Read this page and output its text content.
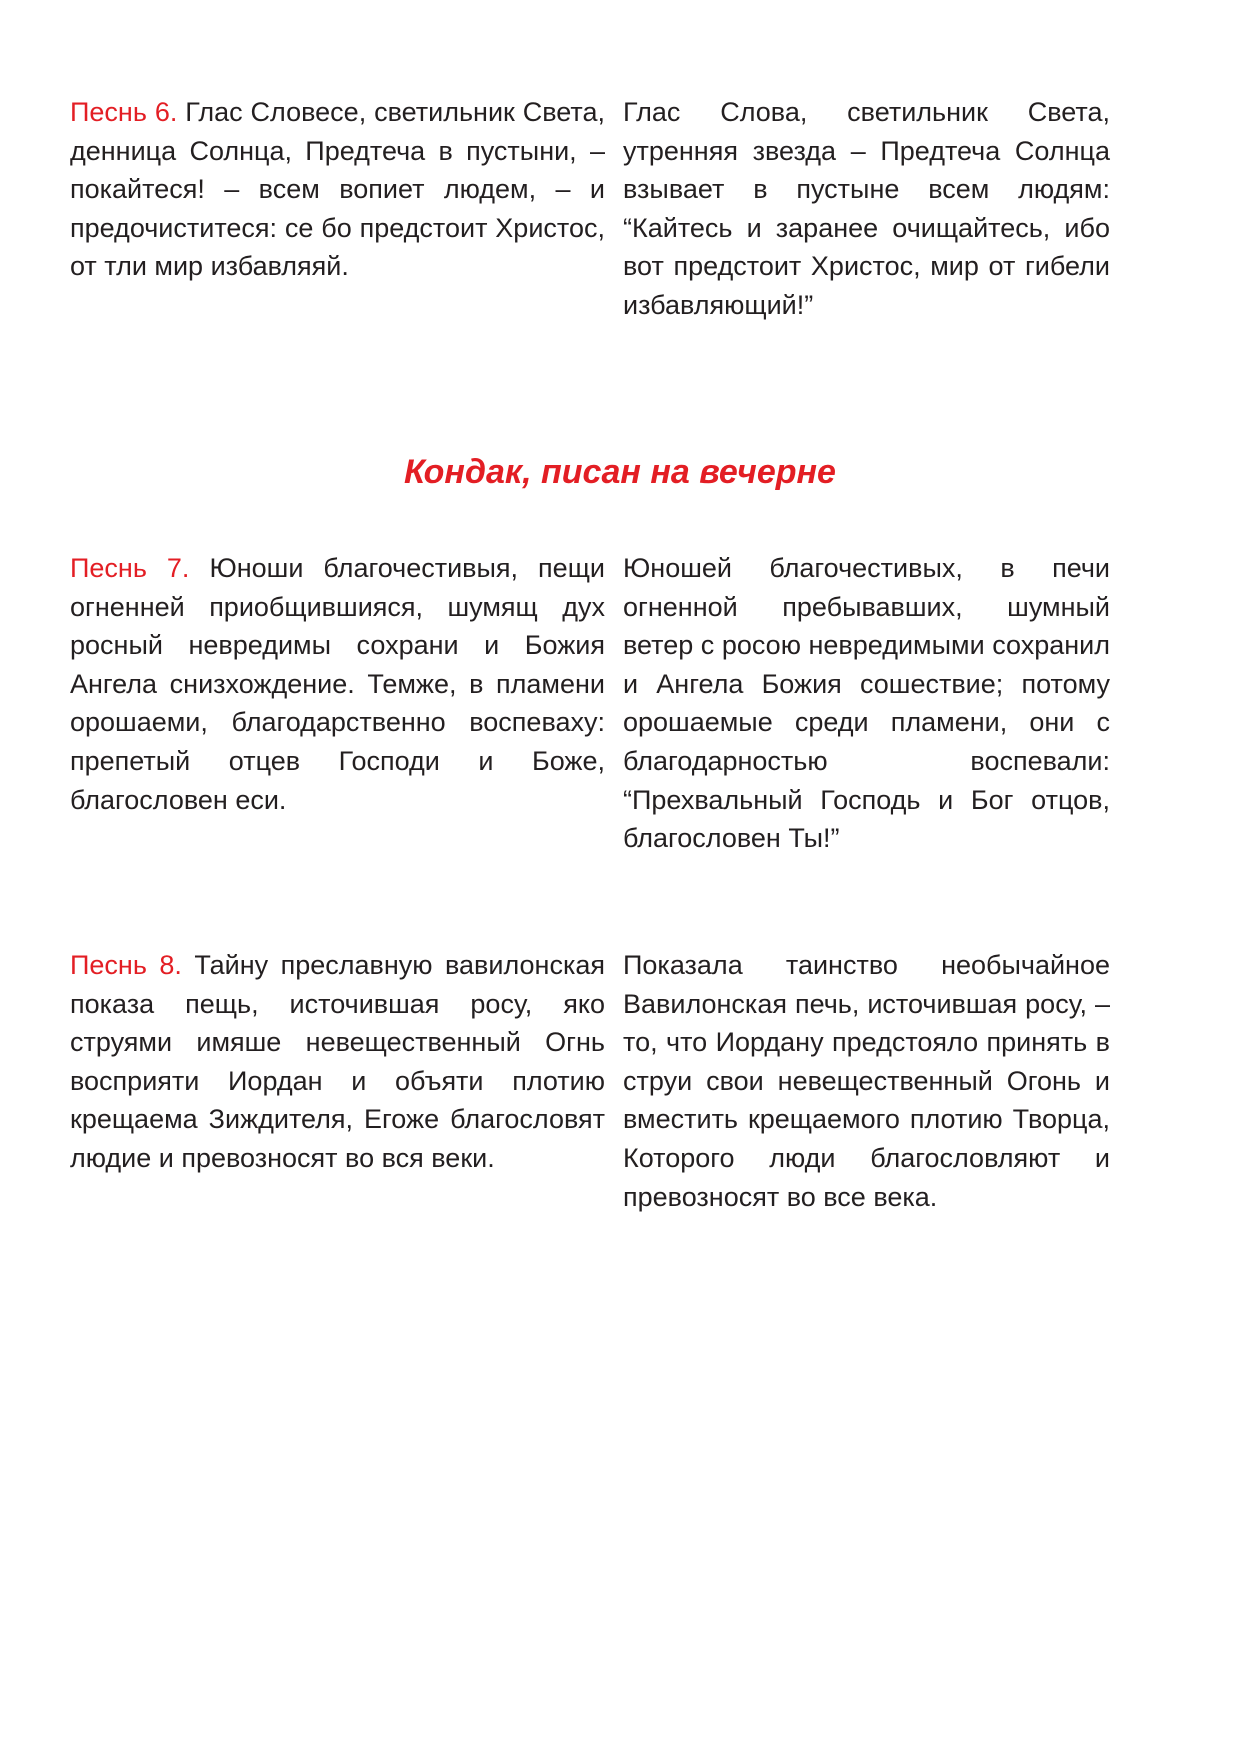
Песнь 6. Глас Словесе, светильник Света, денница Солнца, Предтеча в пустыни, – покайтеся! – всем вопиет людем, – и предочиститеся: се бо предстоит Христос, от тли мир избавляяй.
Глас Слова, светильник Света, утренняя звезда – Предтеча Солнца взывает в пустыне всем людям: “Кайтесь и заранее очищайтесь, ибо вот предстоит Христос, мир от гибели избавляющий!”
Кондак, писан на вечерне
Песнь 7. Юноши благочестивыя, пещи огненней приобщившияся, шумящ дух росный невредимы сохрани и Божия Ангела снизхождение. Темже, в пламени орошаеми, благодарственно воспеваху: препетый отцев Господи и Боже, благословен еси.
Юношей благочестивых, в печи огненной пребывавших, шумный ветер с росою невредимыми сохранил и Ангела Божия сошествие; потому орошаемые среди пламени, они с благодарностью воспевали: “Прехвальный Господь и Бог отцов, благословен Ты!”
Песнь 8. Тайну преславную вавилонская показа пещь, источившая росу, яко струями имяше невещественный Огнь восприяти Иордан и объяти плотию крещаема Зиждителя, Егоже благословят людие и превозносят во вся веки.
Показала таинство необычайное Вавилонская печь, источившая росу, – то, что Иордану предстояло принять в струи свои невещественный Огонь и вместить крещаемого плотию Творца, Которого люди благословляют и превозносят во все века.
